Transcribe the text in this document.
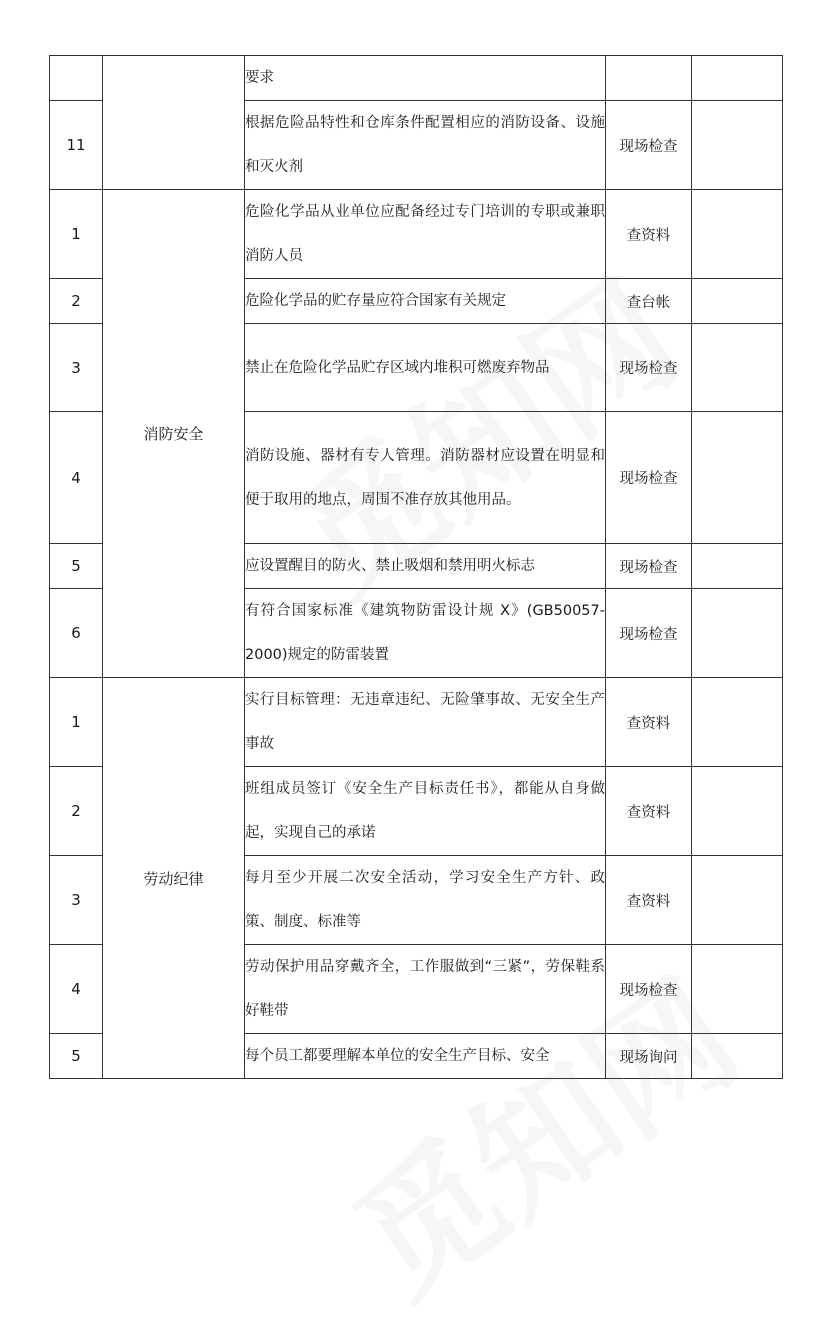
		要求		
11		根据危险品特性和仓库条件配置相应的消防设备、设施和灭火剂	现场检查	
1	消防安全	危险化学品从业单位应配备经过专门培训的专职或兼职消防人员	查资料	
2		危险化学品的贮存量应符合国家有关规定	查台帐	
3		禁止在危险化学品贮存区域内堆积可燃废弃物品	现场检查	
4		消防设施、器材有专人管理。消防器材应设置在明显和便于取用的地点，周围不准存放其他用品。	现场检查	
5		应设置醒目的防火、禁止吸烟和禁用明火标志	现场检查	
6		有符合国家标准《建筑物防雷设计规 X》(GB50057-2000)规定的防雷装置	现场检查	
1	劳动纪律	实行目标管理：无违章违纪、无险肇事故、无安全生产事故	查资料	
2		班组成员签订《安全生产目标责任书》，都能从自身做起，实现自己的承诺	查资料	
3		每月至少开展二次安全活动，学习安全生产方针、政策、制度、标准等	查资料	
4		劳动保护用品穿戴齐全，工作服做到“三紧”，劳保鞋系好鞋带	现场检查	
5		每个员工都要理解本单位的安全生产目标、安全	现场询问	
